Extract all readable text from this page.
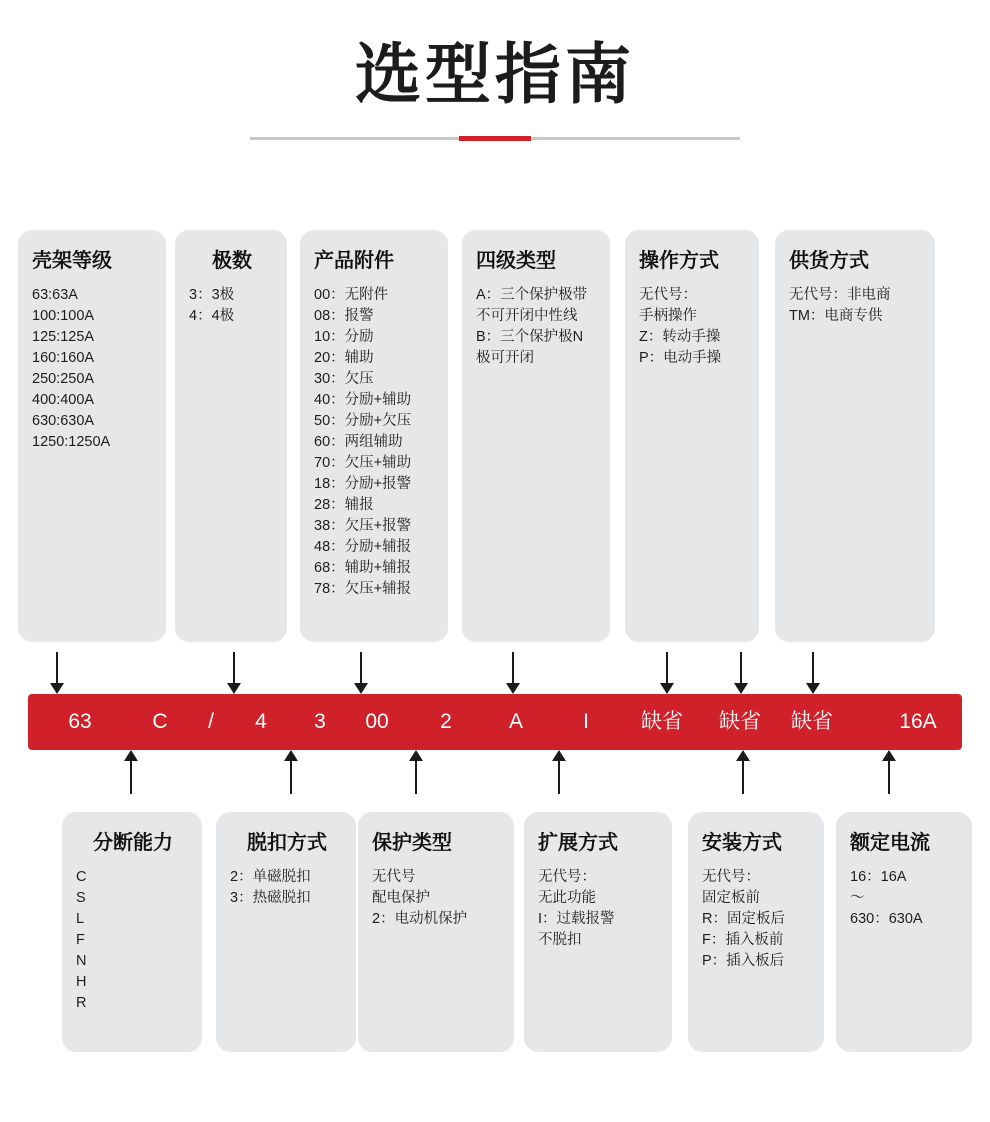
选型指南
壳架等级
63:63A
100:100A
125:125A
160:160A
250:250A
400:400A
630:630A
1250:1250A
极数
3：3极
4：4极
产品附件
00：无附件
08：报警
10：分励
20：辅助
30：欠压
40：分励+辅助
50：分励+欠压
60：两组辅助
70：欠压+辅助
18：分励+报警
28：辅报
38：欠压+报警
48：分励+辅报
68：辅助+辅报
78：欠压+辅报
四级类型
A：三个保护极带
不可开闭中性线
B：三个保护极N
极可开闭
操作方式
无代号：
手柄操作
Z：转动手操
P：电动手操
供货方式
无代号：非电商
TM：电商专供
63	C	/	4	3	00	2	A	I	缺省	缺省	缺省	16A
分断能力
C
S
L
F
N
H
R
脱扣方式
2：单磁脱扣
3：热磁脱扣
保护类型
无代号
配电保护
2：电动机保护
扩展方式
无代号：
无此功能
I：过载报警
不脱扣
安装方式
无代号：
固定板前
R：固定板后
F：插入板前
P：插入板后
额定电流
16：16A
～
630：630A
